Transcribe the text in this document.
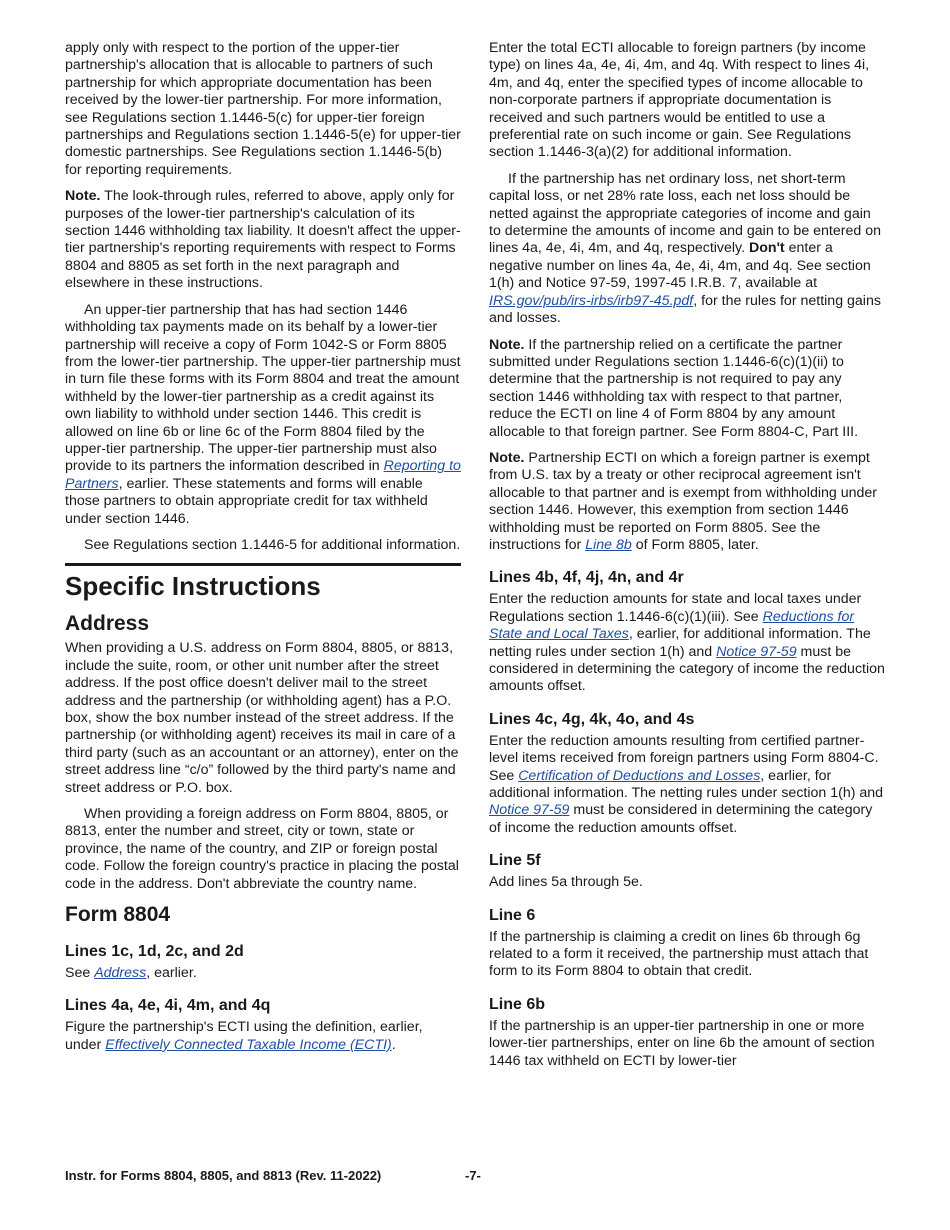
apply only with respect to the portion of the upper-tier partnership's allocation that is allocable to partners of such partnership for which appropriate documentation has been received by the lower-tier partnership. For more information, see Regulations section 1.1446-5(c) for upper-tier foreign partnerships and Regulations section 1.1446-5(e) for upper-tier domestic partnerships. See Regulations section 1.1446-5(b) for reporting requirements.

Note. The look-through rules, referred to above, apply only for purposes of the lower-tier partnership's calculation of its section 1446 withholding tax liability. It doesn't affect the upper-tier partnership's reporting requirements with respect to Forms 8804 and 8805 as set forth in the next paragraph and elsewhere in these instructions.

An upper-tier partnership that has had section 1446 withholding tax payments made on its behalf by a lower-tier partnership will receive a copy of Form 1042-S or Form 8805 from the lower-tier partnership. The upper-tier partnership must in turn file these forms with its Form 8804 and treat the amount withheld by the lower-tier partnership as a credit against its own liability to withhold under section 1446. This credit is allowed on line 6b or line 6c of the Form 8804 filed by the upper-tier partnership. The upper-tier partnership must also provide to its partners the information described in Reporting to Partners, earlier. These statements and forms will enable those partners to obtain appropriate credit for tax withheld under section 1446.

See Regulations section 1.1446-5 for additional information.

Specific Instructions
Address

When providing a U.S. address on Form 8804, 8805, or 8813, include the suite, room, or other unit number after the street address. If the post office doesn't deliver mail to the street address and the partnership (or withholding agent) has a P.O. box, show the box number instead of the street address. If the partnership (or withholding agent) receives its mail in care of a third party (such as an accountant or an attorney), enter on the street address line “c/o” followed by the third party's name and street address or P.O. box.

When providing a foreign address on Form 8804, 8805, or 8813, enter the number and street, city or town, state or province, the name of the country, and ZIP or foreign postal code. Follow the foreign country's practice in placing the postal code in the address. Don't abbreviate the country name.

Form 8804
Lines 1c, 1d, 2c, and 2d

See Address, earlier.

Lines 4a, 4e, 4i, 4m, and 4q

Figure the partnership's ECTI using the definition, earlier, under Effectively Connected Taxable Income (ECTI).

Enter the total ECTI allocable to foreign partners (by income type) on lines 4a, 4e, 4i, 4m, and 4q. With respect to lines 4i, 4m, and 4q, enter the specified types of income allocable to non-corporate partners if appropriate documentation is received and such partners would be entitled to use a preferential rate on such income or gain. See Regulations section 1.1446-3(a)(2) for additional information.

If the partnership has net ordinary loss, net short-term capital loss, or net 28% rate loss, each net loss should be netted against the appropriate categories of income and gain to determine the amounts of income and gain to be entered on lines 4a, 4e, 4i, 4m, and 4q, respectively. Don't enter a negative number on lines 4a, 4e, 4i, 4m, and 4q. See section 1(h) and Notice 97-59, 1997-45 I.R.B. 7, available at IRS.gov/pub/irs-irbs/irb97-45.pdf, for the rules for netting gains and losses.

Note. If the partnership relied on a certificate the partner submitted under Regulations section 1.1446-6(c)(1)(ii) to determine that the partnership is not required to pay any section 1446 withholding tax with respect to that partner, reduce the ECTI on line 4 of Form 8804 by any amount allocable to that foreign partner. See Form 8804-C, Part III.

Note. Partnership ECTI on which a foreign partner is exempt from U.S. tax by a treaty or other reciprocal agreement isn't allocable to that partner and is exempt from withholding under section 1446. However, this exemption from section 1446 withholding must be reported on Form 8805. See the instructions for Line 8b of Form 8805, later.

Lines 4b, 4f, 4j, 4n, and 4r

Enter the reduction amounts for state and local taxes under Regulations section 1.1446-6(c)(1)(iii). See Reductions for State and Local Taxes, earlier, for additional information. The netting rules under section 1(h) and Notice 97-59 must be considered in determining the category of income the reduction amounts offset.

Lines 4c, 4g, 4k, 4o, and 4s

Enter the reduction amounts resulting from certified partner-level items received from foreign partners using Form 8804-C. See Certification of Deductions and Losses, earlier, for additional information. The netting rules under section 1(h) and Notice 97-59 must be considered in determining the category of income the reduction amounts offset.

Line 5f

Add lines 5a through 5e.

Line 6

If the partnership is claiming a credit on lines 6b through 6g related to a form it received, the partnership must attach that form to its Form 8804 to obtain that credit.

Line 6b

If the partnership is an upper-tier partnership in one or more lower-tier partnerships, enter on line 6b the amount of section 1446 tax withheld on ECTI by lower-tier

Instr. for Forms 8804, 8805, and 8813 (Rev. 11-2022)	-7-
